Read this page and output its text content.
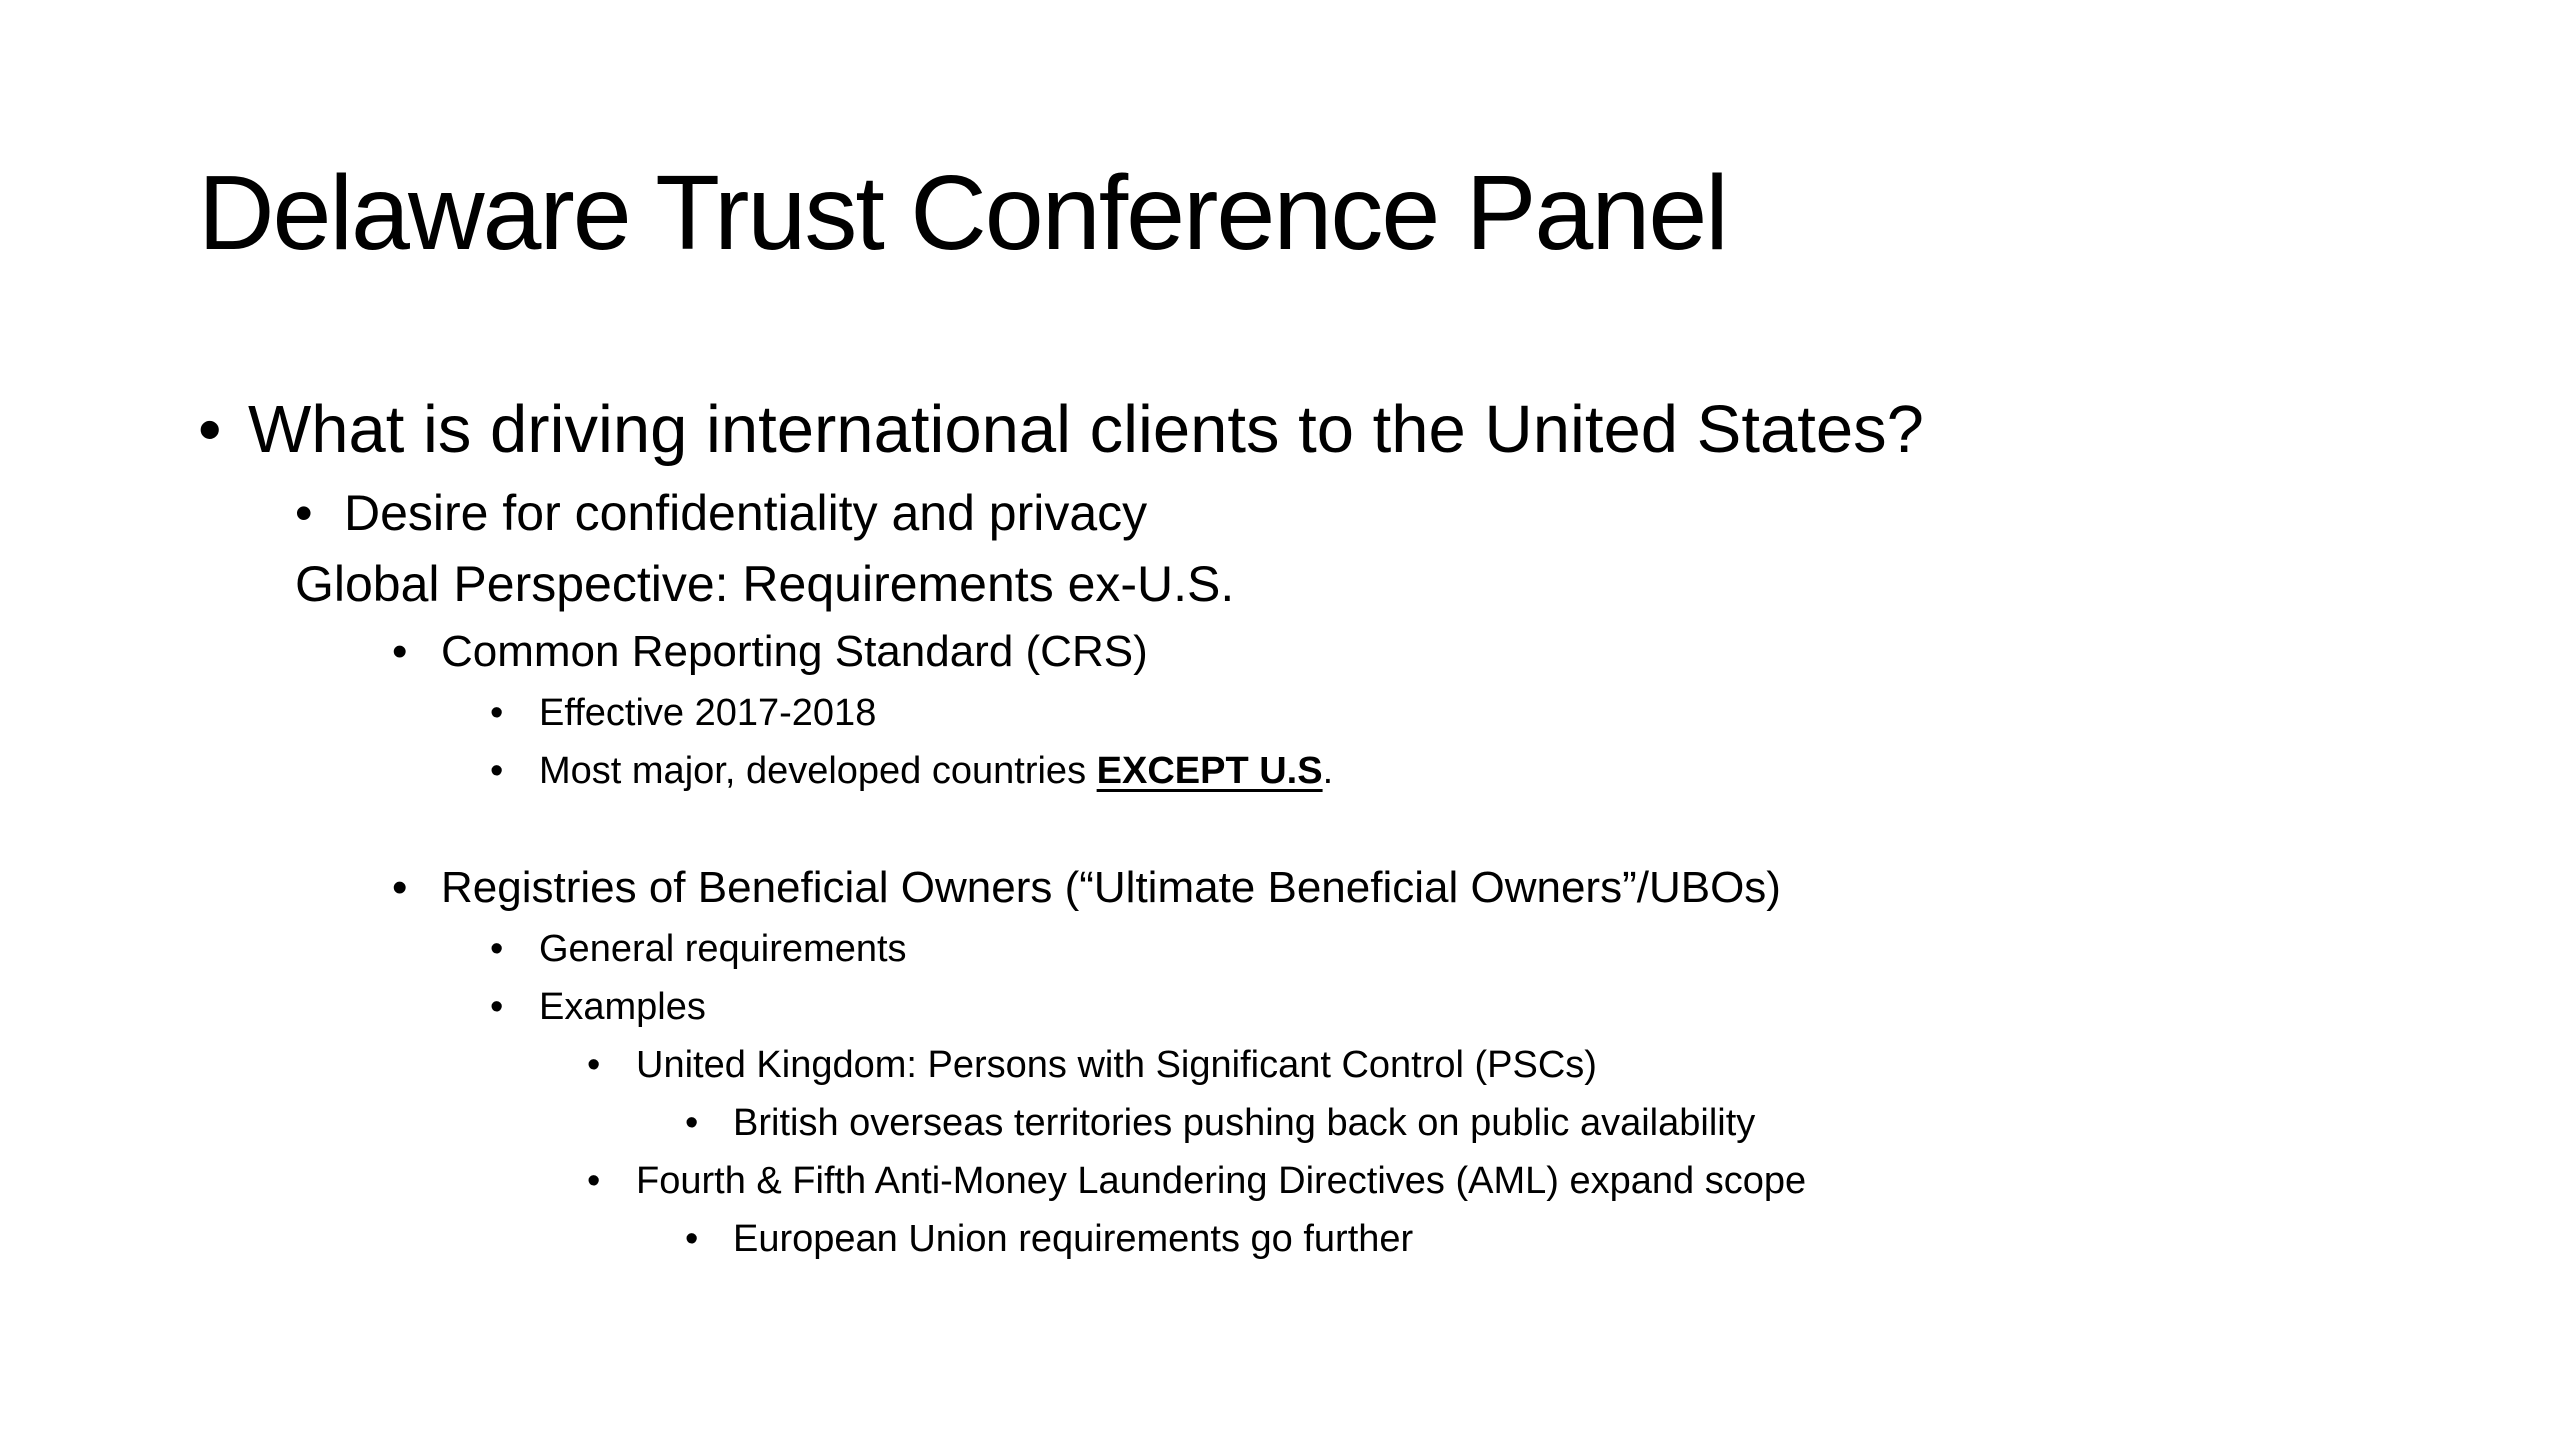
Delaware Trust Conference Panel
• What is driving international clients to the United States?
• Desire for confidentiality and privacy
Global Perspective: Requirements ex-U.S.
• Common Reporting Standard (CRS)
• Effective 2017-2018
• Most major, developed countries EXCEPT U.S.
• Registries of Beneficial Owners (“Ultimate Beneficial Owners”/UBOs)
• General requirements
• Examples
• United Kingdom: Persons with Significant Control (PSCs)
• British overseas territories pushing back on public availability
• Fourth & Fifth Anti-Money Laundering Directives (AML) expand scope
• European Union requirements go further
